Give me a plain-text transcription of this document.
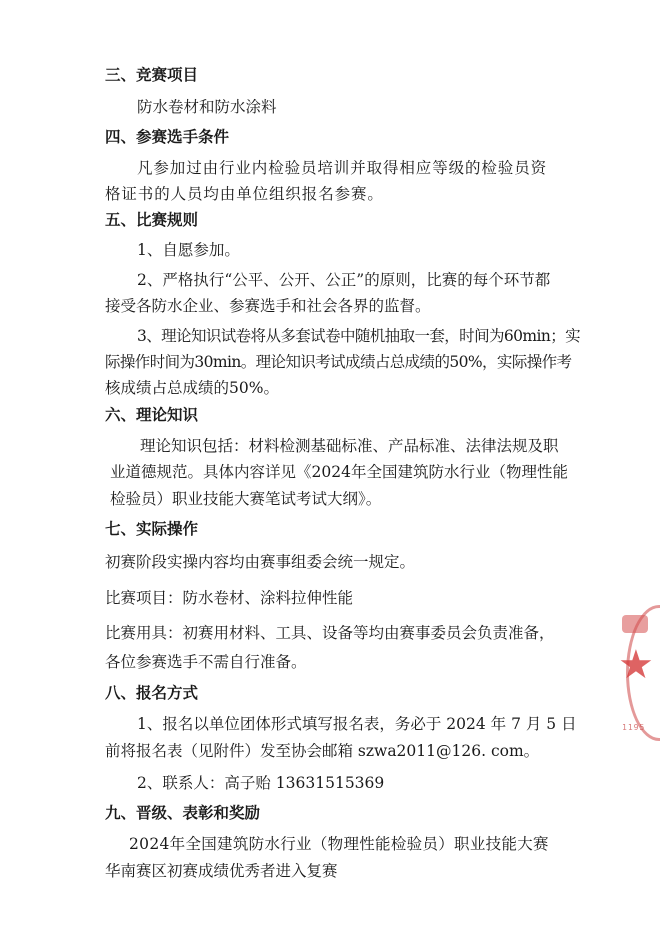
三、竞赛项目
防水卷材和防水涂料
四、参赛选手条件
凡参加过由行业内检验员培训并取得相应等级的检验员资
格证书的人员均由单位组织报名参赛。
五、比赛规则
1、自愿参加。
2、严格执行“公平、公开、公正”的原则，比赛的每个环节都
接受各防水企业、参赛选手和社会各界的监督。
3、理论知识试卷将从多套试卷中随机抽取一套，时间为60min；实
际操作时间为30min。理论知识考试成绩占总成绩的50%，实际操作考
核成绩占总成绩的50%。
六、理论知识
理论知识包括：材料检测基础标准、产品标准、法律法规及职
业道德规范。具体内容详见《2024年全国建筑防水行业（物理性能
检验员）职业技能大赛笔试考试大纲》。
七、实际操作
初赛阶段实操内容均由赛事组委会统一规定。
比赛项目：防水卷材、涂料拉伸性能
比赛用具：初赛用材料、工具、设备等均由赛事委员会负责准备，
各位参赛选手不需自行准备。
八、报名方式
1、报名以单位团体形式填写报名表，务必于 2024 年 7 月 5 日
前将报名表（见附件）发至协会邮箱 szwa2011@126. com。
2、联系人：高子贻 13631515369
九、晋级、表彰和奖励
2024年全国建筑防水行业（物理性能检验员）职业技能大赛
华南赛区初赛成绩优秀者进入复赛
★
1195
